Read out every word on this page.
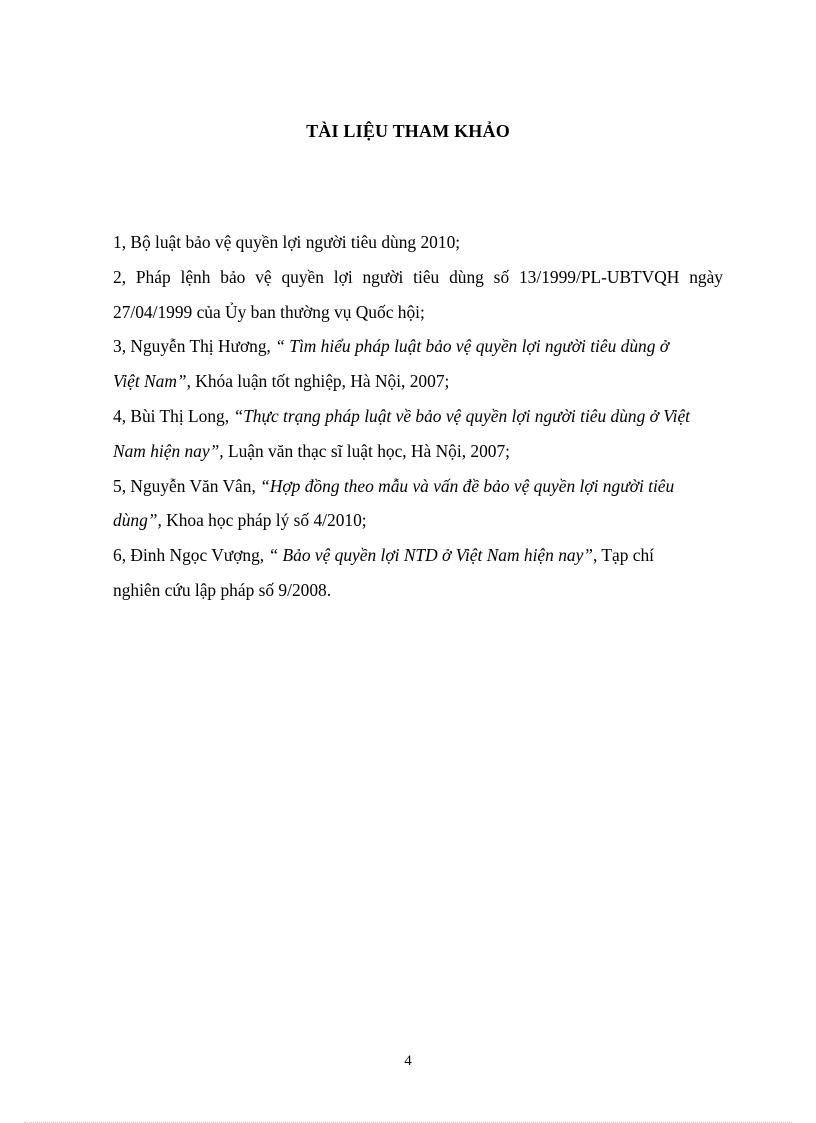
TÀI LIỆU THAM KHẢO
1, Bộ luật bảo vệ quyền lợi người tiêu dùng 2010;
2, Pháp lệnh bảo vệ quyền lợi người tiêu dùng số 13/1999/PL-UBTVQH ngày
27/04/1999 của Ủy ban thường vụ Quốc hội;
3, Nguyễn Thị Hương, “ Tìm hiểu pháp luật bảo vệ quyền lợi người tiêu dùng ở
Việt Nam”, Khóa luận tốt nghiệp, Hà Nội, 2007;
4, Bùi Thị Long, “Thực trạng pháp luật về bảo vệ quyền lợi người tiêu dùng ở Việt
Nam hiện nay”, Luận văn thạc sĩ luật học, Hà Nội, 2007;
5, Nguyễn Văn Vân, “Hợp đồng theo mẫu và vấn đề bảo vệ quyền lợi người tiêu
dùng”, Khoa học pháp lý số 4/2010;
6, Đinh Ngọc Vượng, “ Bảo vệ quyền lợi NTD ở Việt Nam hiện nay”, Tạp chí
nghiên cứu lập pháp số 9/2008.
4
